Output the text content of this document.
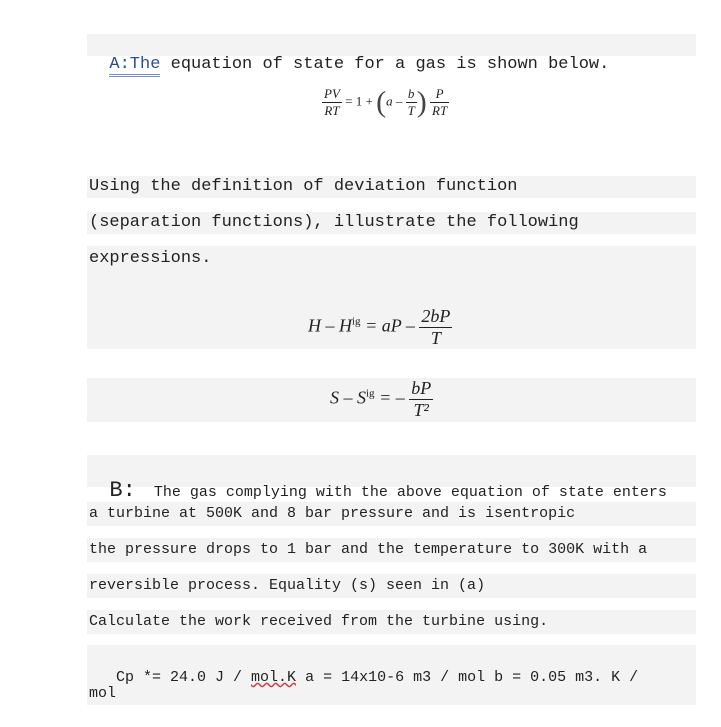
A:The equation of state for a gas is shown below.

$\frac{PV}{RT} = 1 + (a - \frac{b}{T}$ ) $\frac{P}{RT}$
Using the definition of deviation function
(separation functions), illustrate the following
expressions.
H – $H^{ig}$ = aP – $\frac{2bP}{T}$
S – $S^{ig}$ = – $\frac{bP}{\text{T²}}$

B:  The gas complying with the above equation of state enters

a turbine at 500K and 8 bar pressure and is isentropic
the pressure drops to 1 bar and the temperature to 300K with a
reversible process. Equality (s) seen in (a)
Calculate the work received from the turbine using.

Cp *= 24.0 J / mol.K a = 14x10-6 m3 / mol b = 0.05 m3. K /

mol
